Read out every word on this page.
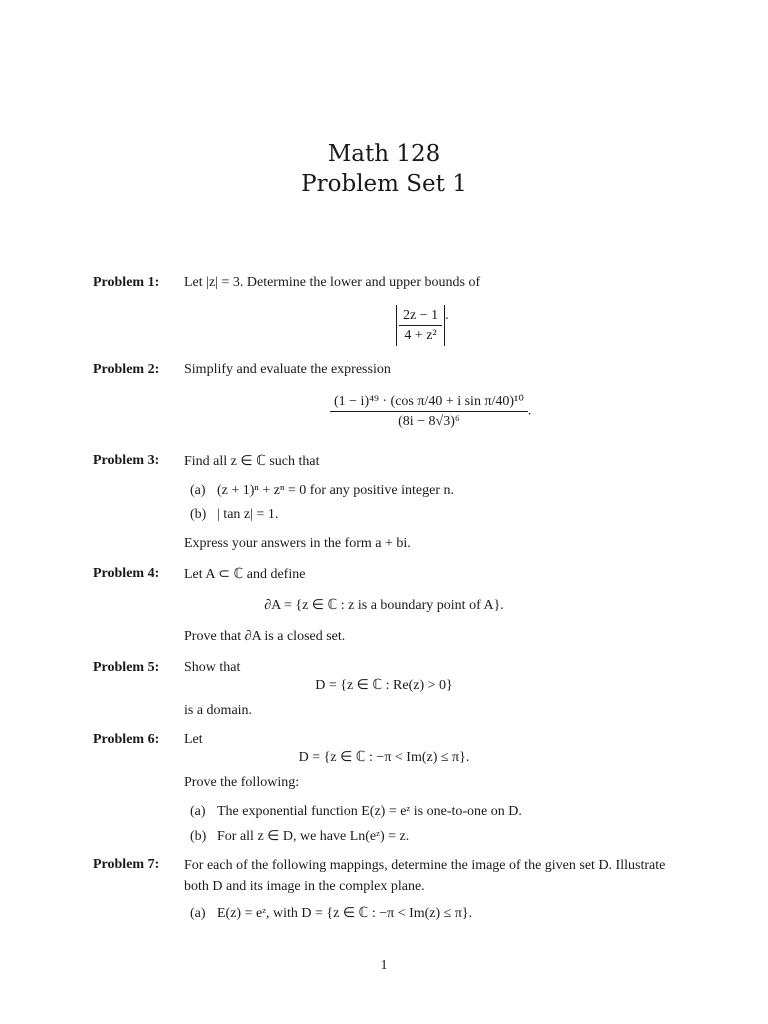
Math 128
Problem Set 1
Problem 1: Let |z| = 3. Determine the lower and upper bounds of
$\frac{2z - 1}{\text{4 + z²}}$ .
Problem 2: Simplify and evaluate the expression
$\frac{\text{(1 − i)⁴⁹ · (cos π/40 + i sin π/40)¹⁰}}{\text{(8i − 8√3)⁶}}$ .
Problem 3: Find all z ∈ ℂ such that
(a) (z + 1)ⁿ + zⁿ = 0 for any positive integer n.
(b) | tan z| = 1.
Express your answers in the form a + bi.
Problem 4: Let A ⊂ ℂ and define
∂A = {z ∈ ℂ : z is a boundary point of A}.
Prove that ∂A is a closed set.
Problem 5: Show that
D = {z ∈ ℂ : Re(z) > 0}
is a domain.
Problem 6: Let
D = {z ∈ ℂ : −π < Im(z) ≤ π}.
Prove the following:
(a) The exponential function E(z) = eᶻ is one-to-one on D.
(b) For all z ∈ D, we have Ln(eᶻ) = z.
Problem 7: For each of the following mappings, determine the image of the given set D. Illustrate both D and its image in the complex plane.
(a) E(z) = eᶻ, with D = {z ∈ ℂ : −π < Im(z) ≤ π}.
1
